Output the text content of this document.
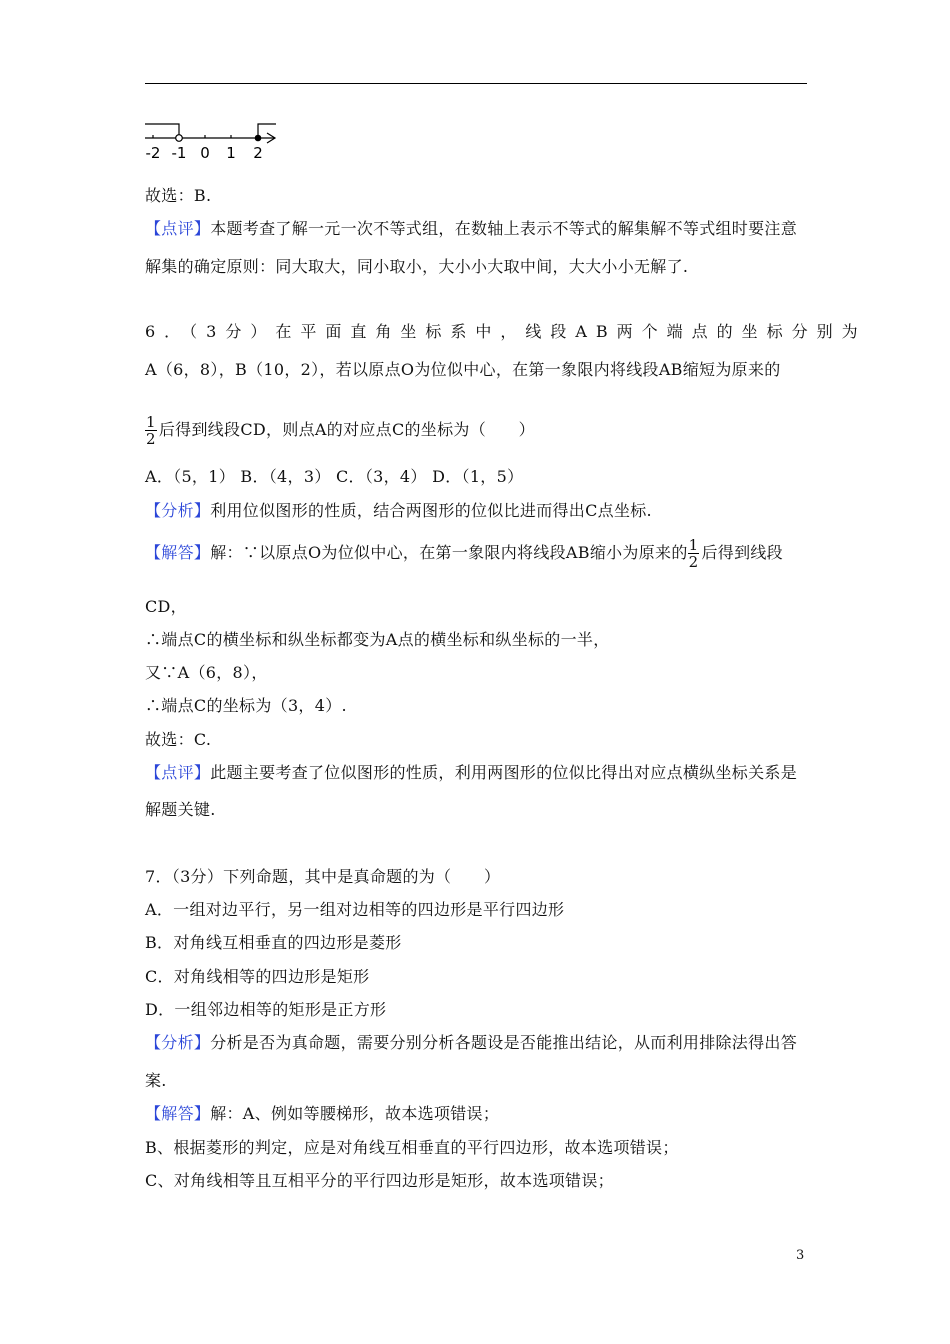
-2 -1 0 1 2
故选：B.
【点评】本题考查了解一元一次不等式组，在数轴上表示不等式的解集解不等式组时要注意
解集的确定原则：同大取大，同小取小，大小小大取中间，大大小小无解了.
6．（3分）在平面直角坐标系中，线段AB两个端点的坐标分别为
A（6，8），B（10，2），若以原点O为位似中心，在第一象限内将线段AB缩短为原来的
$\frac{1}{2}$ 后得到线段CD，则点A的对应点C的坐标为（　　）
A．（5，1） B．（4，3） C．（3，4） D．（1，5）
【分析】利用位似图形的性质，结合两图形的位似比进而得出C点坐标.
【解答】解：∵以原点O为位似中心，在第一象限内将线段AB缩小为原来的 $\frac{1}{2}$ 后得到线段
CD，
∴端点C的横坐标和纵坐标都变为A点的横坐标和纵坐标的一半，
又∵A（6，8），
∴端点C的坐标为（3，4）.
故选：C.
【点评】此题主要考查了位似图形的性质，利用两图形的位似比得出对应点横纵坐标关系是
解题关键.
7．（3分）下列命题，其中是真命题的为（　　）
A．一组对边平行，另一组对边相等的四边形是平行四边形
B．对角线互相垂直的四边形是菱形
C．对角线相等的四边形是矩形
D．一组邻边相等的矩形是正方形
【分析】分析是否为真命题，需要分别分析各题设是否能推出结论，从而利用排除法得出答
案.
【解答】解：A、例如等腰梯形，故本选项错误；
B、根据菱形的判定，应是对角线互相垂直的平行四边形，故本选项错误；
C、对角线相等且互相平分的平行四边形是矩形，故本选项错误；
3
